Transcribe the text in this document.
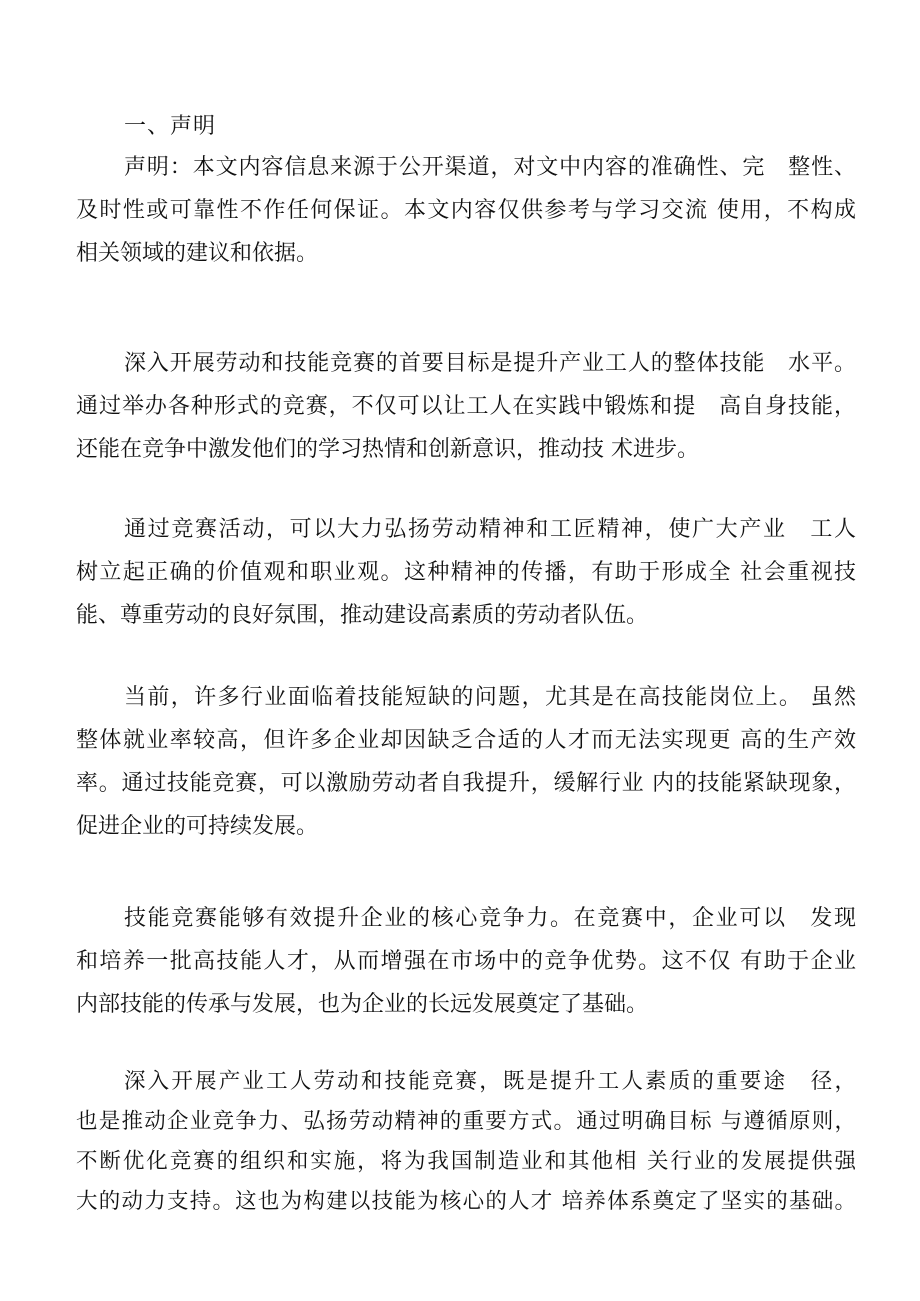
一、声明
声明：本文内容信息来源于公开渠道，对文中内容的准确性、完　整性、
及时性或可靠性不作任何保证。本文内容仅供参考与学习交流 使用，不构成
相关领域的建议和依据。
深入开展劳动和技能竞赛的首要目标是提升产业工人的整体技能　水平。
通过举办各种形式的竞赛，不仅可以让工人在实践中锻炼和提　高自身技能，
还能在竞争中激发他们的学习热情和创新意识，推动技 术进步。
通过竞赛活动，可以大力弘扬劳动精神和工匠精神，使广大产业　工人
树立起正确的价值观和职业观。这种精神的传播，有助于形成全 社会重视技
能、尊重劳动的良好氛围，推动建设高素质的劳动者队伍。
当前，许多行业面临着技能短缺的问题，尤其是在高技能岗位上。 虽然
整体就业率较高，但许多企业却因缺乏合适的人才而无法实现更 高的生产效
率。通过技能竞赛，可以激励劳动者自我提升，缓解行业 内的技能紧缺现象，
促进企业的可持续发展。
技能竞赛能够有效提升企业的核心竞争力。在竞赛中，企业可以　发现
和培养一批高技能人才，从而增强在市场中的竞争优势。这不仅 有助于企业
内部技能的传承与发展，也为企业的长远发展奠定了基础。
深入开展产业工人劳动和技能竞赛，既是提升工人素质的重要途　径，
也是推动企业竞争力、弘扬劳动精神的重要方式。通过明确目标 与遵循原则，
不断优化竞赛的组织和实施，将为我国制造业和其他相 关行业的发展提供强
大的动力支持。这也为构建以技能为核心的人才 培养体系奠定了坚实的基础。
